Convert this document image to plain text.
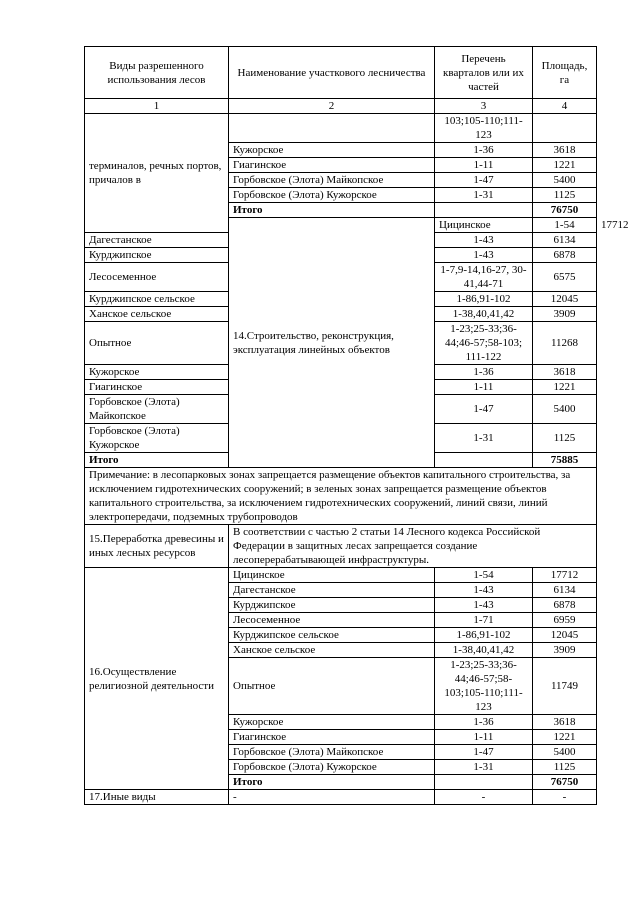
Виды разрешенного использования лесов	Наименование участкового лесничества	Перечень кварталов или их частей	Площадь, га	
1	2	3	4	
терминалов, речных портов, причалов в		103;105-110;111-123		
	Кужорское	1-36	3618	
	Гиагинское	1-11	1221	
	Горбовское (Элота) Майкопское	1-47	5400	
	Горбовское (Элота) Кужорское	1-31	1125	
	Итого		76750	
	14.Строительство, реконструкция, эксплуатация линейных объектов	Цицинское	1-54	17712
Дагестанское		1-43	6134	
Курджипское		1-43	6878	
Лесосеменное		1-7,9-14,16-27, 30-41,44-71	6575	
Курджипское сельское		1-86,91-102	12045	
Ханское сельское		1-38,40,41,42	3909	
Опытное		1-23;25-33;36-44;46-57;58-103; 111-122	11268	
Кужорское		1-36	3618	
Гиагинское		1-11	1221	
Горбовское (Элота) Майкопское		1-47	5400	
Горбовское (Элота) Кужорское		1-31	1125	
Итого			75885	
Примечание: в лесопарковых зонах запрещается размещение объектов капитального строительства, за исключением гидротехнических сооружений; в зеленых зонах запрещается размещение объектов капитального строительства, за исключением гидротехнических сооружений, линий связи, линий электропередачи, подземных трубопроводов				
15.Переработка древесины и иных лесных ресурсов	В соответствии с частью 2 статьи 14 Лесного кодекса Российской Федерации в защитных лесах запрещается создание лесоперерабатывающей инфраструктуры.			
16.Осуществление религиозной деятельности	Цицинское	1-54	17712	
	Дагестанское	1-43	6134	
	Курджипское	1-43	6878	
	Лесосеменное	1-71	6959	
	Курджипское сельское	1-86,91-102	12045	
	Ханское сельское	1-38,40,41,42	3909	
	Опытное	1-23;25-33;36-44;46-57;58-103;105-110;111-123	11749	
	Кужорское	1-36	3618	
	Гиагинское	1-11	1221	
	Горбовское (Элота) Майкопское	1-47	5400	
	Горбовское (Элота) Кужорское	1-31	1125	
	Итого		76750	
17.Иные виды	-	-	-	
